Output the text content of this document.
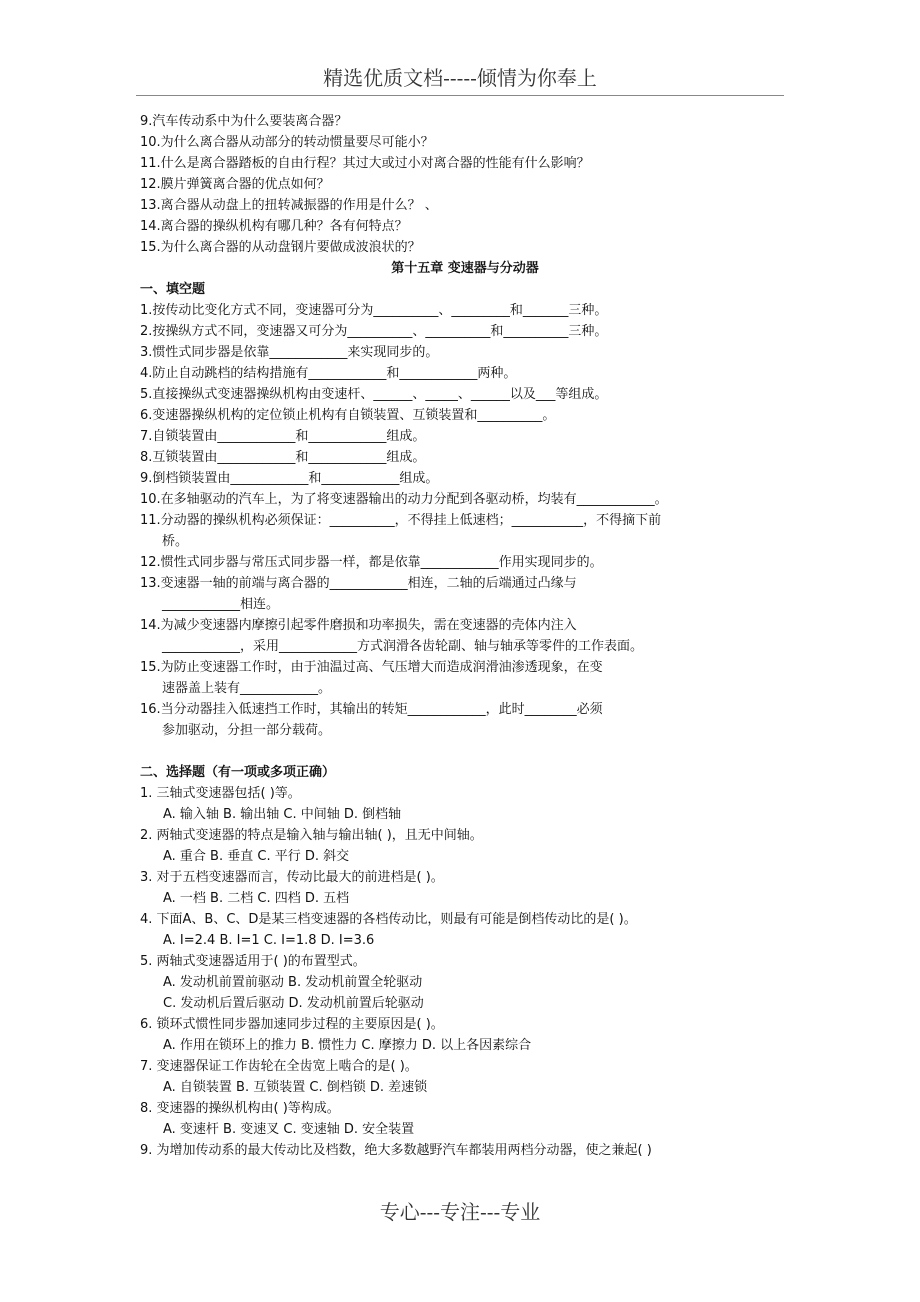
精选优质文档-----倾情为你奉上
9.汽车传动系中为什么要装离合器？
10.为什么离合器从动部分的转动惯量要尽可能小？
11.什么是离合器踏板的自由行程？其过大或过小对离合器的性能有什么影响？
12.膜片弹簧离合器的优点如何？
13.离合器从动盘上的扭转减振器的作用是什么？ 、
14.离合器的操纵机构有哪几种？各有何特点？
15.为什么离合器的从动盘钢片要做成波浪状的？
第十五章 变速器与分动器
一、填空题
1.按传动比变化方式不同，变速器可分为__________、_________和_______三种。
2.按操纵方式不同，变速器又可分为__________、__________和__________三种。
3.惯性式同步器是依靠____________来实现同步的。
4.防止自动跳档的结构措施有____________和____________两种。
5.直接操纵式变速器操纵机构由变速杆、______、_____、______以及___等组成。
6.变速器操纵机构的定位锁止机构有自锁装置、互锁装置和__________。
7.自锁装置由____________和____________组成。
8.互锁装置由____________和____________组成。
9.倒档锁装置由____________和____________组成。
10.在多轴驱动的汽车上，为了将变速器输出的动力分配到各驱动桥，均装有____________。
11.分动器的操纵机构必须保证：__________，不得挂上低速档；___________，不得摘下前
桥。
12.惯性式同步器与常压式同步器一样，都是依靠____________作用实现同步的。
13.变速器一轴的前端与离合器的____________相连，二轴的后端通过凸缘与
____________相连。
14.为减少变速器内摩擦引起零件磨损和功率损失，需在变速器的壳体内注入
____________，采用____________方式润滑各齿轮副、轴与轴承等零件的工作表面。
15.为防止变速器工作时，由于油温过高、气压增大而造成润滑油渗透现象，在变
速器盖上装有____________。
16.当分动器挂入低速挡工作时，其输出的转矩____________，此时________必须
参加驱动，分担一部分载荷。
二、选择题（有一项或多项正确）
1. 三轴式变速器包括( )等。
A. 输入轴 B. 输出轴 C. 中间轴 D. 倒档轴
2. 两轴式变速器的特点是输入轴与输出轴( )，且无中间轴。
A. 重合 B. 垂直 C. 平行 D. 斜交
3. 对于五档变速器而言，传动比最大的前进档是( )。
A. 一档 B. 二档 C. 四档 D. 五档
4. 下面A、B、C、D是某三档变速器的各档传动比，则最有可能是倒档传动比的是( )。
A. I=2.4 B. I=1 C. I=1.8 D. I=3.6
5. 两轴式变速器适用于( )的布置型式。
A. 发动机前置前驱动 B. 发动机前置全轮驱动
C. 发动机后置后驱动 D. 发动机前置后轮驱动
6. 锁环式惯性同步器加速同步过程的主要原因是( )。
A. 作用在锁环上的推力 B. 惯性力 C. 摩擦力 D. 以上各因素综合
7. 变速器保证工作齿轮在全齿宽上啮合的是( )。
A. 自锁装置 B. 互锁装置 C. 倒档锁 D. 差速锁
8. 变速器的操纵机构由( )等构成。
A. 变速杆 B. 变速叉 C. 变速轴 D. 安全装置
9. 为增加传动系的最大传动比及档数，绝大多数越野汽车都装用两档分动器，使之兼起( )
专心---专注---专业
